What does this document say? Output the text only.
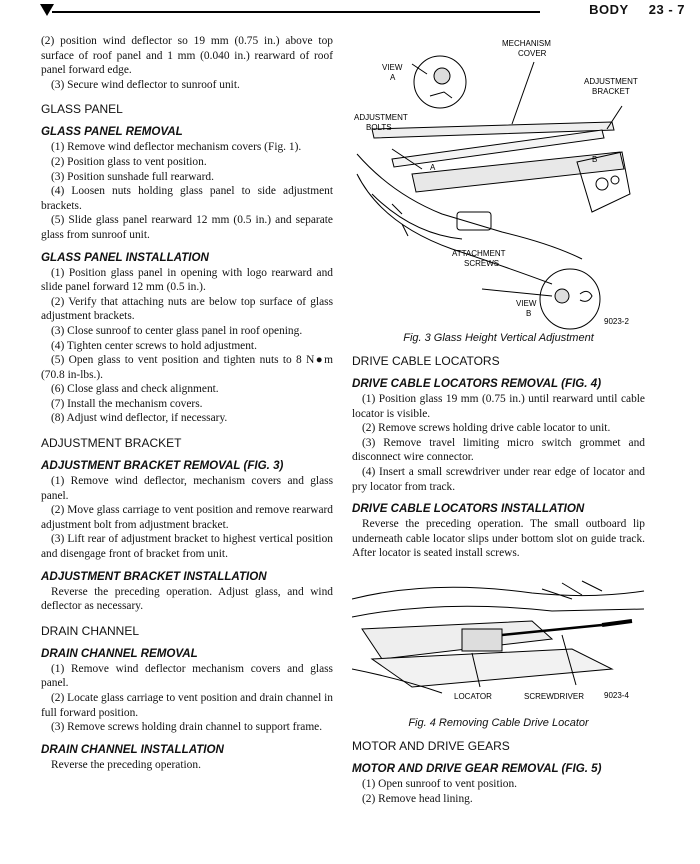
BODY 23 - 7

(2) position wind deflector so 19 mm (0.75 in.) above top surface of roof panel and 1 mm (0.040 in.) rearward of roof panel forward edge.

(3) Secure wind deflector to sunroof unit.

GLASS PANEL
GLASS PANEL REMOVAL

(1) Remove wind deflector mechanism covers (Fig. 1).

(2) Position glass to vent position.

(3) Position sunshade full rearward.

(4) Loosen nuts holding glass panel to side adjustment brackets.

(5) Slide glass panel rearward 12 mm (0.5 in.) and separate glass from sunroof unit.

GLASS PANEL INSTALLATION

(1) Position glass panel in opening with logo rearward and slide panel forward 12 mm (0.5 in.).

(2) Verify that attaching nuts are below top surface of glass adjustment brackets.

(3) Close sunroof to center glass panel in roof opening.

(4) Tighten center screws to hold adjustment.

(5) Open glass to vent position and tighten nuts to 8 N●m (70.8 in-lbs.).

(6) Close glass and check alignment.

(7) Install the mechanism covers.

(8) Adjust wind deflector, if necessary.

ADJUSTMENT BRACKET
ADJUSTMENT BRACKET REMOVAL (FIG. 3)

(1) Remove wind deflector, mechanism covers and glass panel.

(2) Move glass carriage to vent position and remove rearward adjustment bolt from adjustment bracket.

(3) Lift rear of adjustment bracket to highest vertical position and disengage front of bracket from unit.

ADJUSTMENT BRACKET INSTALLATION

Reverse the preceding operation. Adjust glass, and wind deflector as necessary.

DRAIN CHANNEL
DRAIN CHANNEL REMOVAL

(1) Remove wind deflector mechanism covers and glass panel.

(2) Locate glass carriage to vent position and drain channel in full forward position.

(3) Remove screws holding drain channel to support frame.

DRAIN CHANNEL INSTALLATION

Reverse the preceding operation.

MECHANISM
COVER
VIEW
A	ADJUSTMENT
BRACKET
ADJUSTMENT
BOLTS
A
B
ATTACHMENT
SCREWS
VIEW
B
9023-2
Fig. 3 Glass Height Vertical Adjustment
DRIVE CABLE LOCATORS
DRIVE CABLE LOCATORS REMOVAL (FIG. 4)

(1) Position glass 19 mm (0.75 in.) until rearward until cable locator is visible.

(2) Remove screws holding drive cable locator to unit.

(3) Remove travel limiting micro switch grommet and disconnect wire connector.

(4) Insert a small screwdriver under rear edge of locator and pry locator from track.

DRIVE CABLE LOCATORS INSTALLATION

Reverse the preceding operation. The small outboard lip underneath cable locator slips under bottom slot on guide track. After locator is seated install screws.

LOCATOR	SCREWDRIVER 9023-4
Fig. 4 Removing Cable Drive Locator
MOTOR AND DRIVE GEARS
MOTOR AND DRIVE GEAR REMOVAL (FIG. 5)

(1) Open sunroof to vent position.

(2) Remove head lining.
